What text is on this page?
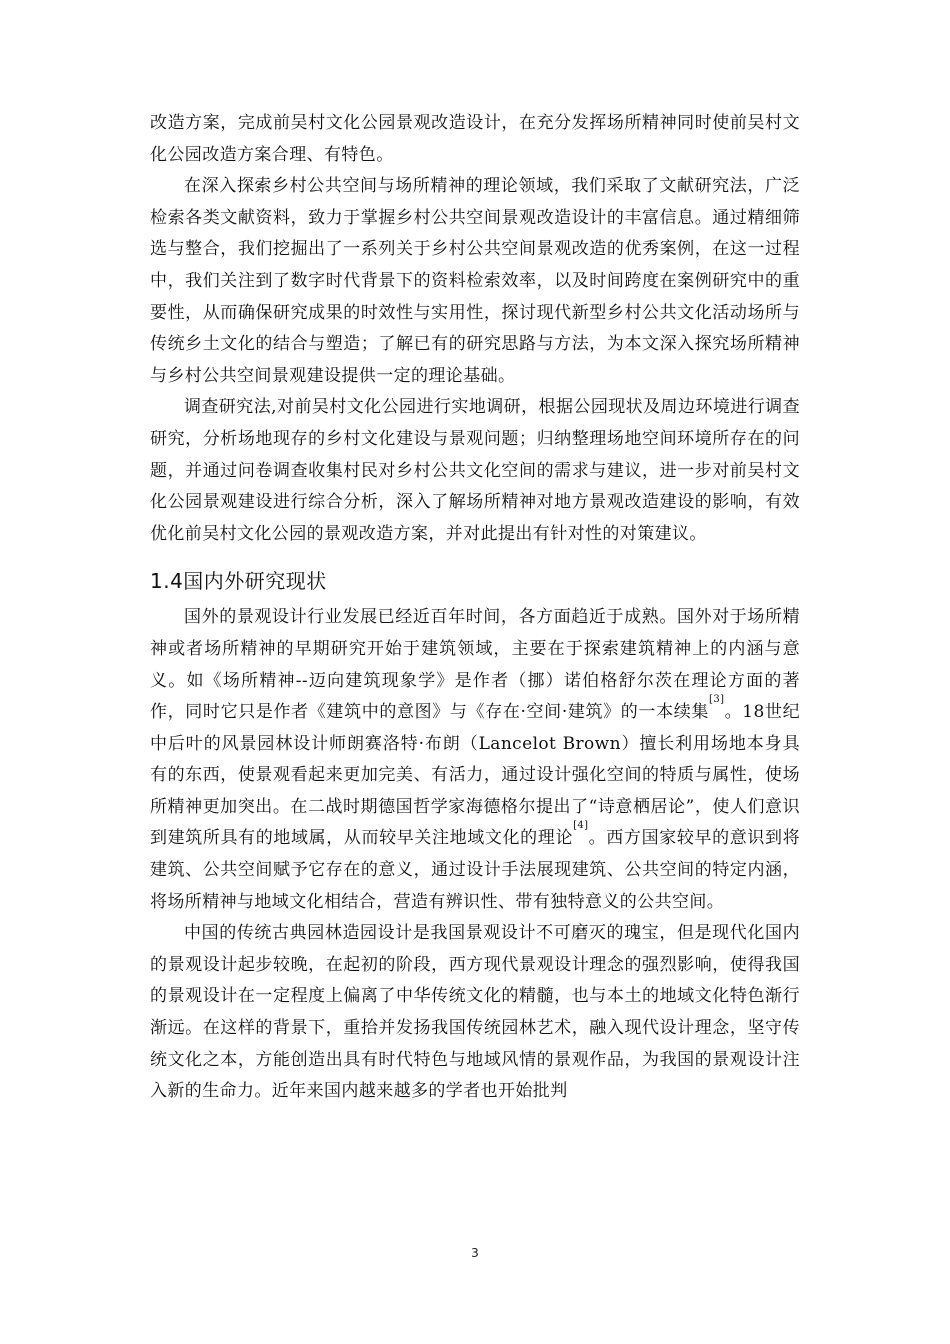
改造方案，完成前吴村文化公园景观改造设计，在充分发挥场所精神同时使前吴村文化公园改造方案合理、有特色。

在深入探索乡村公共空间与场所精神的理论领域，我们采取了文献研究法，广泛检索各类文献资料，致力于掌握乡村公共空间景观改造设计的丰富信息。通过精细筛选与整合，我们挖掘出了一系列关于乡村公共空间景观改造的优秀案例，在这一过程中，我们关注到了数字时代背景下的资料检索效率，以及时间跨度在案例研究中的重要性，从而确保研究成果的时效性与实用性，探讨现代新型乡村公共文化活动场所与传统乡土文化的结合与塑造；了解已有的研究思路与方法，为本文深入探究场所精神与乡村公共空间景观建设提供一定的理论基础。

调查研究法,对前吴村文化公园进行实地调研，根据公园现状及周边环境进行调查研究，分析场地现存的乡村文化建设与景观问题；归纳整理场地空间环境所存在的问题，并通过问卷调查收集村民对乡村公共文化空间的需求与建议，进一步对前吴村文化公园景观建设进行综合分析，深入了解场所精神对地方景观改造建设的影响，有效优化前吴村文化公园的景观改造方案，并对此提出有针对性的对策建议。

1.4国内外研究现状

国外的景观设计行业发展已经近百年时间，各方面趋近于成熟。国外对于场所精神或者场所精神的早期研究开始于建筑领域，主要在于探索建筑精神上的内涵与意义。如《场所精神--迈向建筑现象学》是作者（挪）诺伯格舒尔茨在理论方面的著作，同时它只是作者《建筑中的意图》与《存在·空间·建筑》的一本续集[3]。18世纪中后叶的风景园林设计师朗赛洛特·布朗（Lancelot Brown）擅长利用场地本身具有的东西，使景观看起来更加完美、有活力，通过设计强化空间的特质与属性，使场所精神更加突出。在二战时期德国哲学家海德格尔提出了“诗意栖居论”，使人们意识到建筑所具有的地域属，从而较早关注地域文化的理论[4]。西方国家较早的意识到将建筑、公共空间赋予它存在的意义，通过设计手法展现建筑、公共空间的特定内涵，将场所精神与地域文化相结合，营造有辨识性、带有独特意义的公共空间。

中国的传统古典园林造园设计是我国景观设计不可磨灭的瑰宝，但是现代化国内的景观设计起步较晚，在起初的阶段，西方现代景观设计理念的强烈影响，使得我国的景观设计在一定程度上偏离了中华传统文化的精髓，也与本土的地域文化特色渐行渐远。在这样的背景下，重拾并发扬我国传统园林艺术，融入现代设计理念，坚守传统文化之本，方能创造出具有时代特色与地域风情的景观作品，为我国的景观设计注入新的生命力。近年来国内越来越多的学者也开始批判

3
